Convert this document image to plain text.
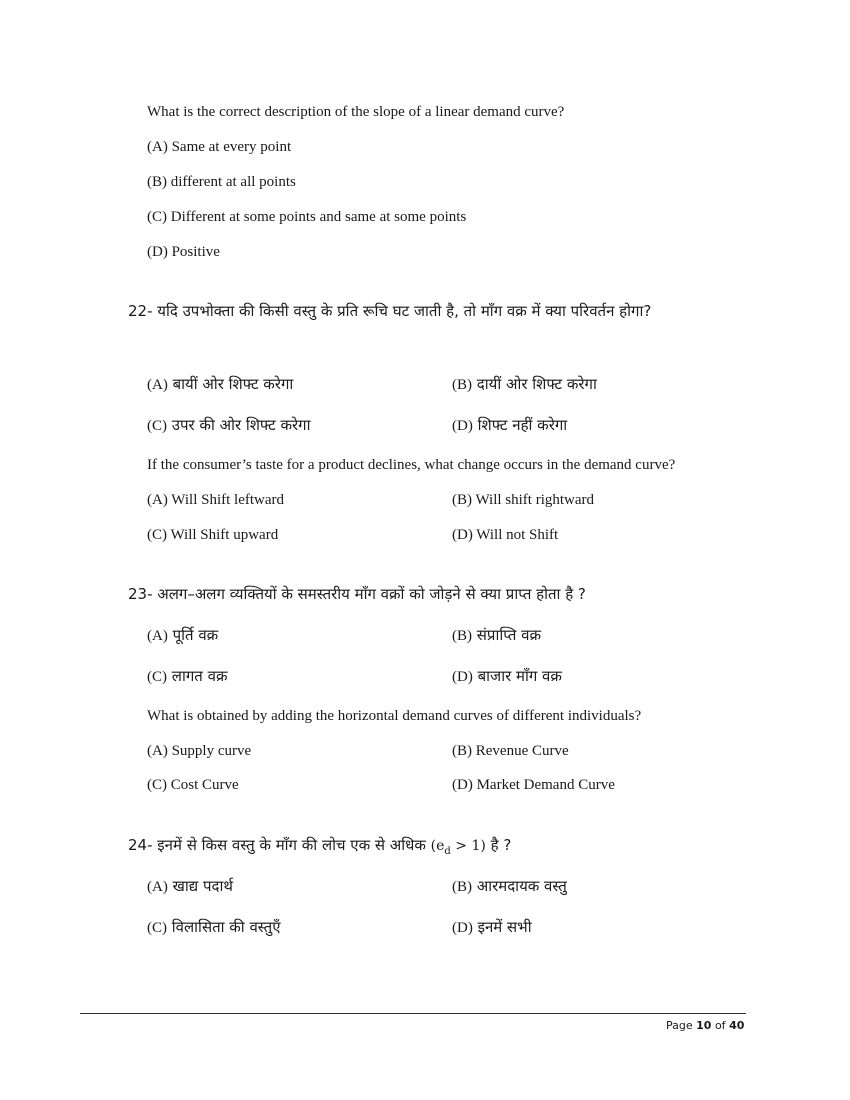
What is the correct description of the slope of a linear demand curve?
(A) Same at every point
(B) different at all points
(C) Different at some points and same at some points
(D) Positive
22- यदि उपभोक्ता की किसी वस्तु के प्रति रूचि घट जाती है, तो माँग वक्र में क्या परिवर्तन होगा?
(A) बायीं ओर शिफ्ट करेगा	(B) दायीं ओर शिफ्ट करेगा
(C) उपर की ओर शिफ्ट करेगा	(D) शिफ्ट नहीं करेगा
If the consumer’s taste for a product declines, what change occurs in the demand curve?
(A) Will Shift leftward	(B) Will shift rightward
(C) Will Shift upward	(D) Will not Shift
23- अलग–अलग व्यक्तियों के समस्तरीय माँग वक्रों को जोड़ने से क्या प्राप्त होता है ?
(A) पूर्ति वक्र	(B) संप्राप्ति वक्र
(C) लागत वक्र	(D) बाजार माँग वक्र
What is obtained by adding the horizontal demand curves of different individuals?
(A) Supply curve	(B) Revenue Curve
(C) Cost Curve	(D) Market Demand Curve
24- इनमें से किस वस्तु के माँग की लोच एक से अधिक $(e_d > 1)$ है ?
(A) खाद्य पदार्थ	(B) आरमदायक वस्तु
(C) विलासिता की वस्तुएँ	(D) इनमें सभी
Page 10 of 40
